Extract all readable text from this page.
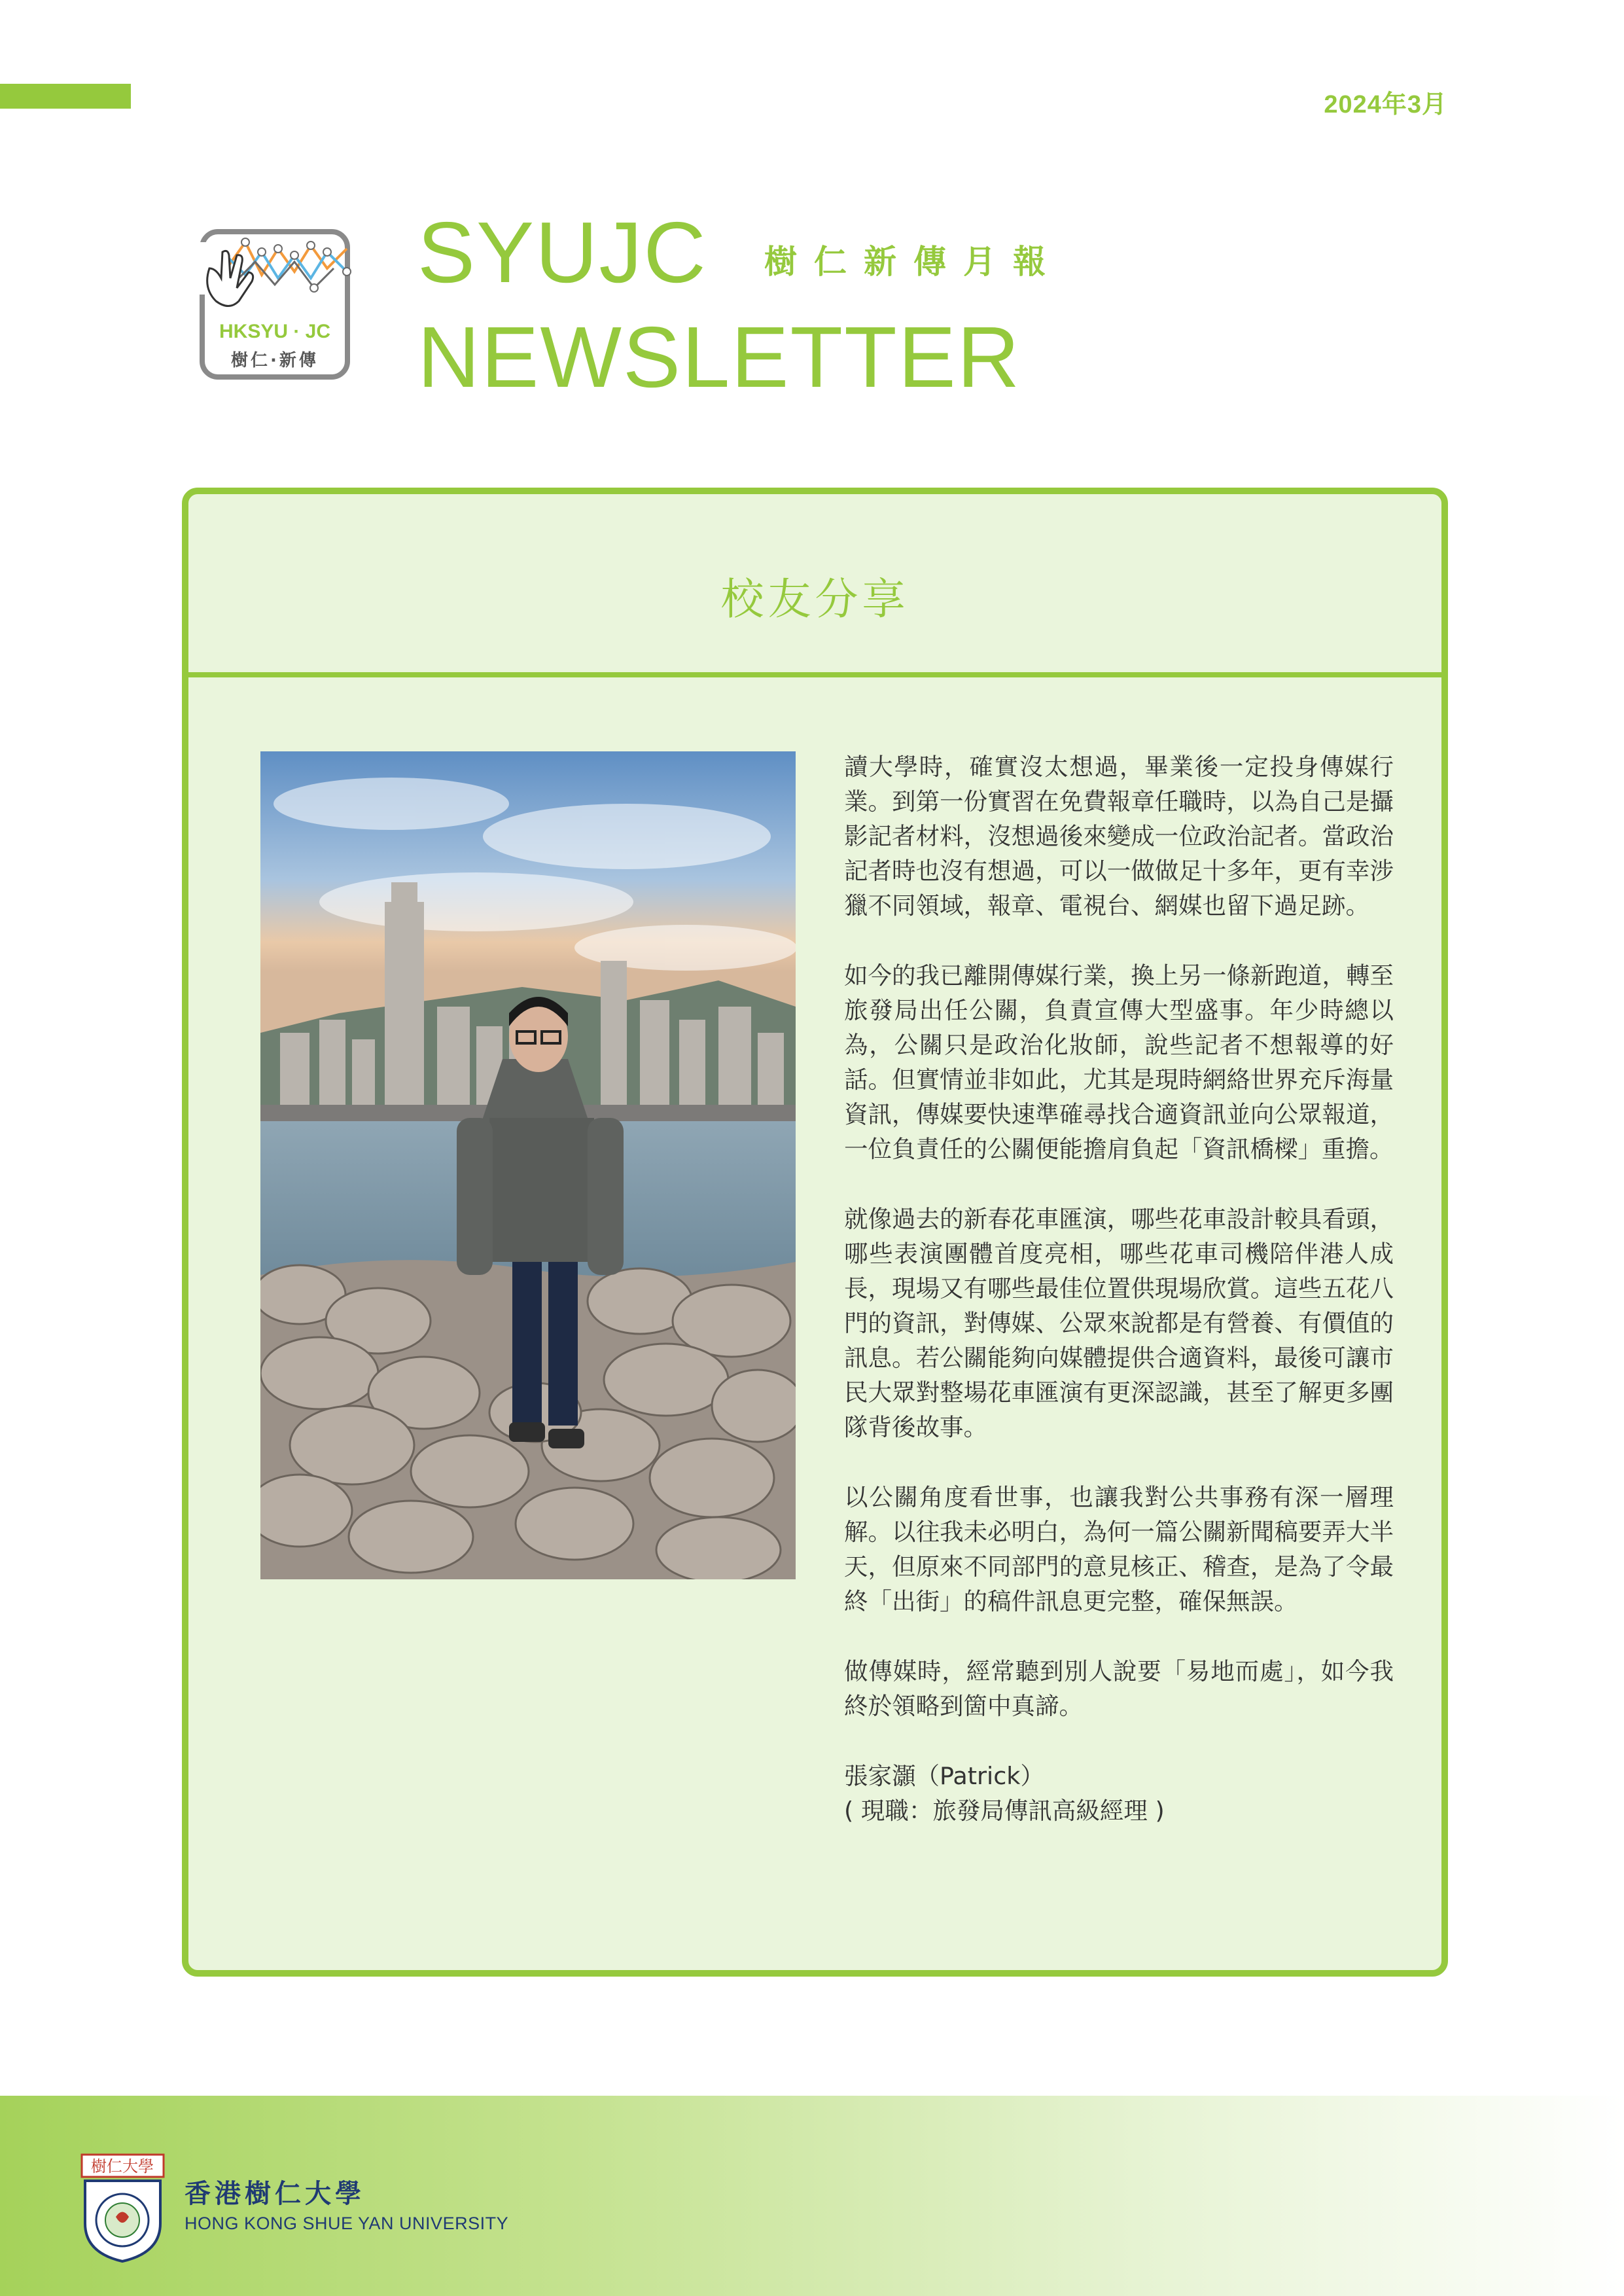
2024年3月
HKSYU · JC
樹仁·新傳
SYUJC
NEWSLETTER
樹仁新傳月報
校友分享

讀大學時，確實沒太想過，畢業後一定投身傳媒行業。到第一份實習在免費報章任職時，以為自己是攝影記者材料，沒想過後來變成一位政治記者。當政治記者時也沒有想過，可以一做做足十多年，更有幸涉獵不同領域，報章、電視台、網媒也留下過足跡。

如今的我已離開傳媒行業，換上另一條新跑道，轉至旅發局出任公關，負責宣傳大型盛事。年少時總以為，公關只是政治化妝師，說些記者不想報導的好話。但實情並非如此，尤其是現時網絡世界充斥海量資訊，傳媒要快速準確尋找合適資訊並向公眾報道，一位負責任的公關便能擔肩負起「資訊橋樑」重擔。

就像過去的新春花車匯演，哪些花車設計較具看頭，哪些表演團體首度亮相，哪些花車司機陪伴港人成長，現場又有哪些最佳位置供現場欣賞。這些五花八門的資訊，對傳媒、公眾來說都是有營養、有價值的訊息。若公關能夠向媒體提供合適資料，最後可讓市民大眾對整場花車匯演有更深認識，甚至了解更多團隊背後故事。

以公關角度看世事，也讓我對公共事務有深一層理解。以往我未必明白，為何一篇公關新聞稿要弄大半天，但原來不同部門的意見核正、稽查，是為了令最終「出街」的稿件訊息更完整，確保無誤。

做傳媒時，經常聽到別人說要「易地而處」，如今我終於領略到箇中真諦。

張家灝（Patrick）
( 現職：旅發局傳訊高級經理 )
樹仁大學
香港樹仁大學
HONG KONG SHUE YAN UNIVERSITY
